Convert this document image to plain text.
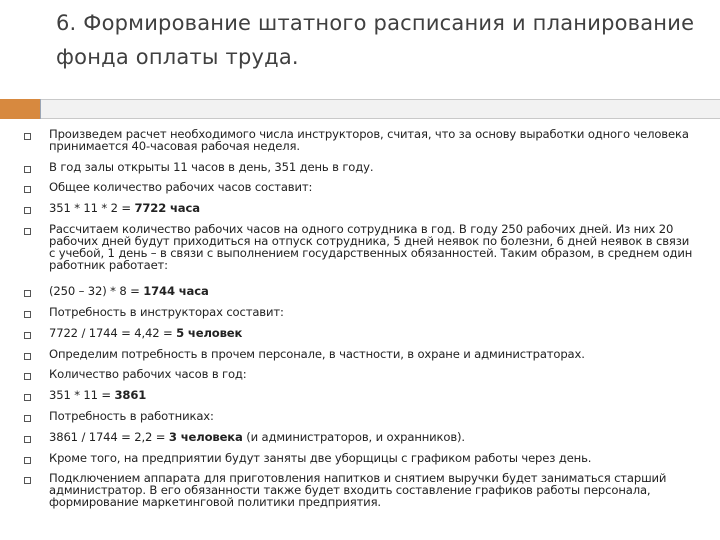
6. Формирование штатного расписания и планирование фонда оплаты труда.
Произведем расчет необходимого числа инструкторов, считая, что за основу выработки одного человека принимается 40-часовая рабочая неделя.
В год залы открыты 11 часов в день, 351 день в году.
Общее количество рабочих часов составит:
351 * 11 * 2 = 7722 часа
Рассчитаем количество рабочих часов на одного сотрудника в год. В году 250 рабочих дней. Из них 20 рабочих дней будут приходиться на отпуск сотрудника, 5 дней неявок по болезни, 6 дней неявок в связи с учебой, 1 день – в связи с выполнением государственных обязанностей. Таким образом, в среднем один работник работает:
(250 – 32) * 8 = 1744 часа
Потребность в инструкторах составит:
7722 / 1744 = 4,42 = 5 человек
Определим потребность в прочем персонале, в частности, в охране и администраторах.
Количество рабочих часов в год:
351 * 11 = 3861
Потребность в работниках:
3861 / 1744 = 2,2 = 3 человека (и администраторов, и охранников).
Кроме того, на предприятии будут заняты две уборщицы с графиком работы через день.
Подключением аппарата для приготовления напитков и снятием выручки будет заниматься старший администратор. В его обязанности также будет входить составление графиков работы персонала, формирование маркетинговой политики предприятия.
